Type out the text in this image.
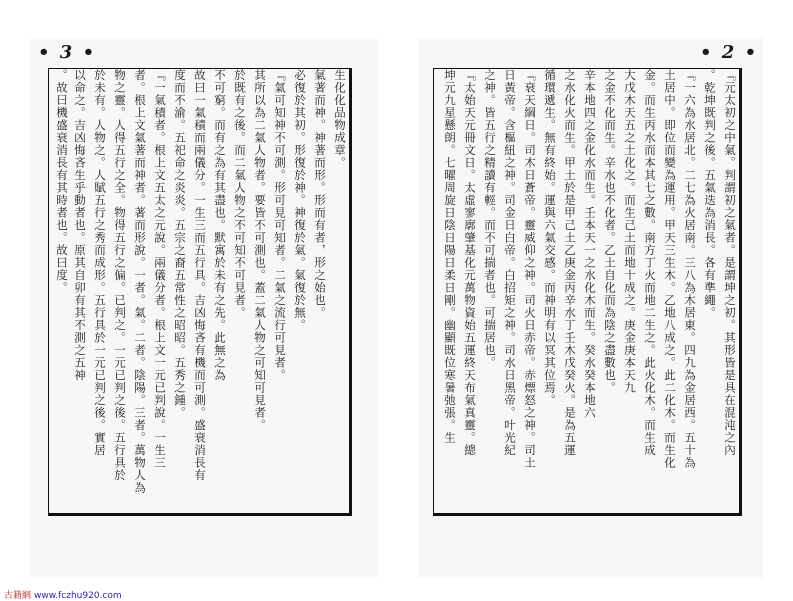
• 3 •	• 2 •
生化化品物成章。
氣著而神。神著而形。形而有者，形之始也。
必復於其初。形復於神。神復於氣。氣復於無。
『氣可知神不可測。形可見可知者。二氣之流行可見者。
其所以為二氣人物者。要皆不可測也。蓋二氣人物之可知可見者。
於既有之後。而二氣人物之不可知不可見者。
不可窮。而有之為有其盡也。默寓於未有之先。此無之為
故曰一氣積而兩儀分。一生三而五行具。吉凶悔吝有機而可測。盛衰消長有
度而不渝。五祀命之炎炎。五宗之裔五常性之昭昭。五秀之鍾。
『一氣積者。根上文五太之元說。兩儀分者。根上文一元已判說。一生三
者。根上文氣著而神者。著而形說。一者。氣。二者。陰陽。三者。萬物人為
物之靈。人得五行之全。物得五行之偏。已判之。一元已判之後。五行具於
於未有。人物之。人賦五行之秀而成形。五行具於一元已判之後。實居
以命之。吉凶悔吝生乎動者也。原其自卯有其不測之五神
。故曰機盛衰消長有其時者也。故曰度。	『元太初之中氣。判謂初之氣者。是謂坤之初。其形皆是具在混沌之內
。乾坤既判之後。五氣迭為消長。各有準繩。
『一六為水居北。二七為火居南。三八為木居東。四九為金居西。五十為
土居中。即位而變為運用。甲天三生木。乙地八成之。此二化木。而生化
金。而生丙水而本其七之數。南方丁火而地二生之。此火化木。而生成
大戊木天五之土化之。而生己土而地十成之。庚金庚本天九
之金不化而生。辛水也不化者。乙土自化而為陰之盡數也。
辛本地四之金化水而生。壬本天一之水化木而生。癸水癸本地六
之水化火而生。甲土於是甲己土乙庚金丙辛水丁壬木戊癸火。是為五運
循環遞生。無有終始。運與六氣交感。而神明有以冥其位焉。
『衰天綱日。司木日蒼帝。靈威仰之神。司火日赤帝。赤熛怒之神。司土
日黃帝。含樞紐之神。司金日白帝。白招矩之神。司水日黑帝。叶光紀
之神。皆五行之精讀有輕。而不可揣者也。可揣居也。
『太始天元冊文日。太虛寥廓肇基化元萬物資始五運終天布氣真靈。總
坤元九星懸朗。七曜周旋日陰日陽日柔日剛。幽顯既位寒暑弛張。生
古籍網 www.fczhu920.com
